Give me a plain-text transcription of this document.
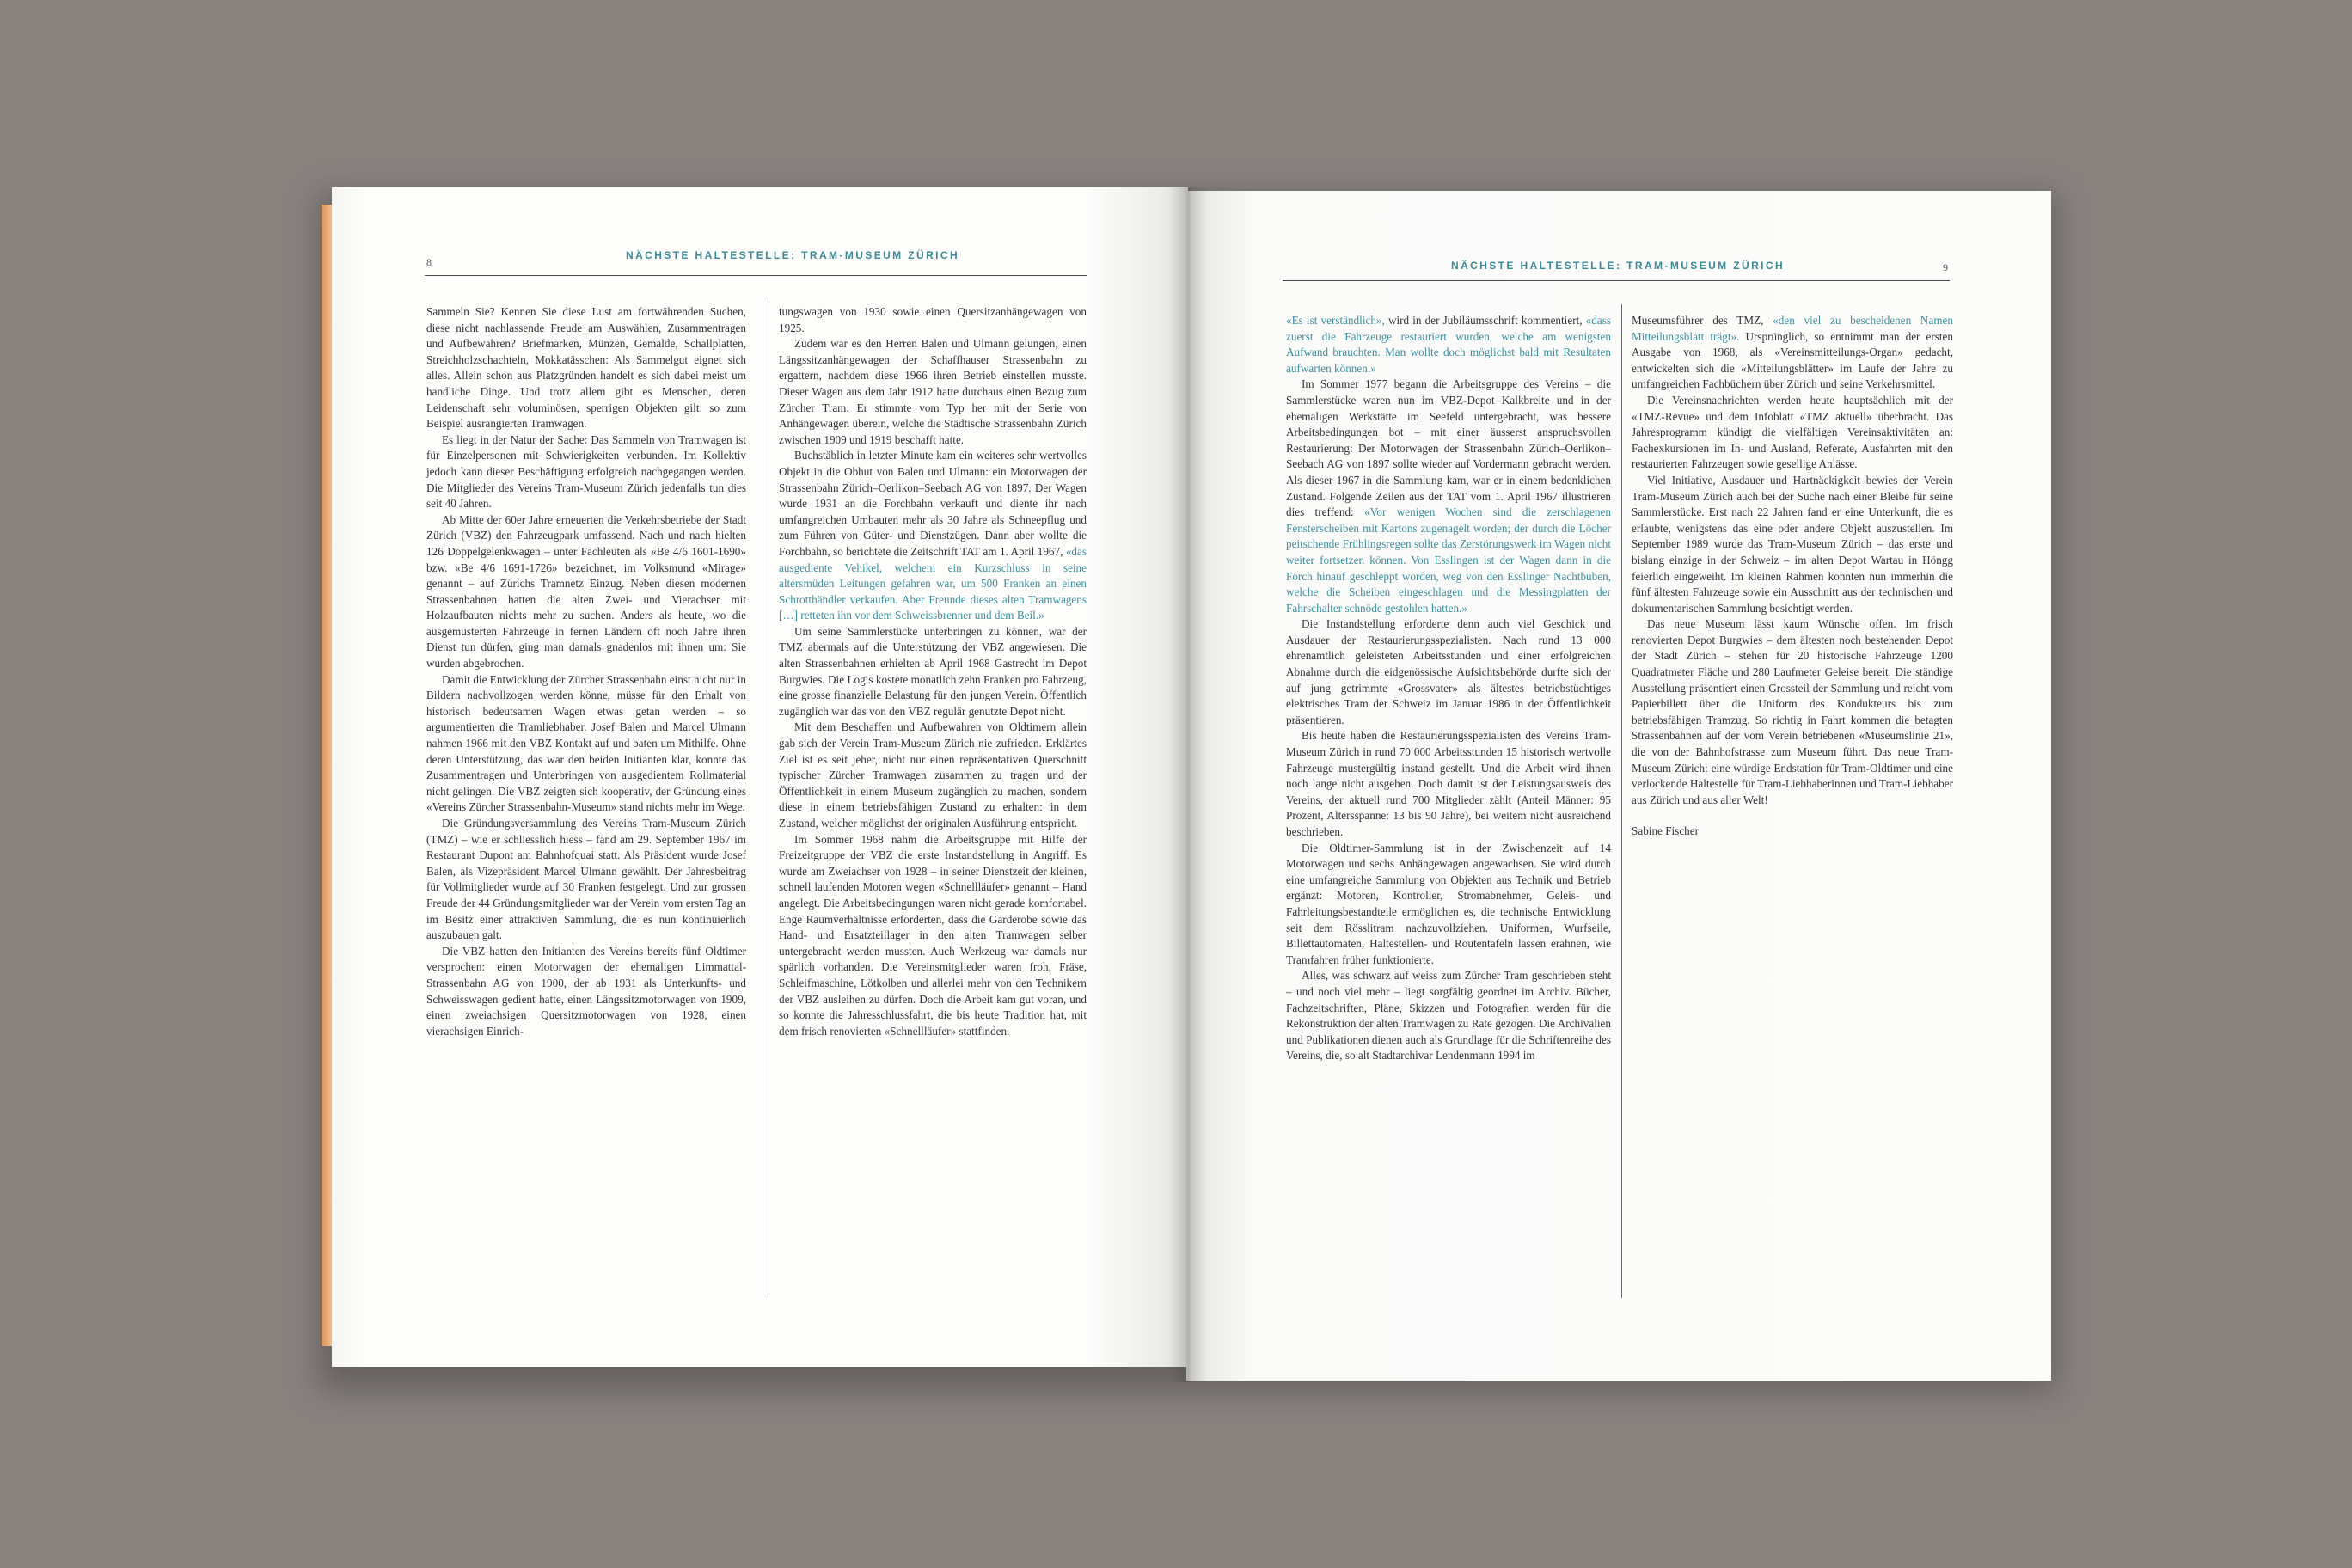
8
NÄCHSTE HALTESTELLE: TRAM-MUSEUM ZÜRICH

Sammeln Sie? Kennen Sie diese Lust am fortwährenden Suchen, diese nicht nachlassende Freude am Auswählen, Zusammentragen und Aufbewahren? Briefmarken, Münzen, Gemälde, Schallplatten, Streichholzschachteln, Mokkatässchen: Als Sammelgut eignet sich alles. Allein schon aus Platzgründen handelt es sich dabei meist um handliche Dinge. Und trotz allem gibt es Menschen, deren Leidenschaft sehr voluminösen, sperrigen Objekten gilt: so zum Beispiel ausrangierten Tramwagen.

Es liegt in der Natur der Sache: Das Sammeln von Tramwagen ist für Einzelpersonen mit Schwierigkeiten verbunden. Im Kollektiv jedoch kann dieser Beschäftigung erfolgreich nachgegangen werden. Die Mitglieder des Vereins Tram-Museum Zürich jedenfalls tun dies seit 40 Jahren.

Ab Mitte der 60er Jahre erneuerten die Verkehrsbetriebe der Stadt Zürich (VBZ) den Fahrzeugpark umfassend. Nach und nach hielten 126 Doppelgelenkwagen – unter Fachleuten als «Be 4/6 1601-1690» bzw. «Be 4/6 1691-1726» bezeichnet, im Volksmund «Mirage» genannt – auf Zürichs Tramnetz Einzug. Neben diesen modernen Strassenbahnen hatten die alten Zwei- und Vierachser mit Holzaufbauten nichts mehr zu suchen. Anders als heute, wo die ausgemusterten Fahrzeuge in fernen Ländern oft noch Jahre ihren Dienst tun dürfen, ging man damals gnadenlos mit ihnen um: Sie wurden abgebrochen.

Damit die Entwicklung der Zürcher Strassenbahn einst nicht nur in Bildern nachvollzogen werden könne, müsse für den Erhalt von historisch bedeutsamen Wagen etwas getan werden – so argumentierten die Tramliebhaber. Josef Balen und Marcel Ulmann nahmen 1966 mit den VBZ Kontakt auf und baten um Mithilfe. Ohne deren Unterstützung, das war den beiden Initianten klar, konnte das Zusammentragen und Unterbringen von ausgedientem Rollmaterial nicht gelingen. Die VBZ zeigten sich kooperativ, der Gründung eines «Vereins Zürcher Strassenbahn-Museum» stand nichts mehr im Wege.

Die Gründungsversammlung des Vereins Tram-Museum Zürich (TMZ) – wie er schliesslich hiess – fand am 29. September 1967 im Restaurant Dupont am Bahnhofquai statt. Als Präsident wurde Josef Balen, als Vizepräsident Marcel Ulmann gewählt. Der Jahresbeitrag für Vollmitglieder wurde auf 30 Franken festgelegt. Und zur grossen Freude der 44 Gründungsmitglieder war der Verein vom ersten Tag an im Besitz einer attraktiven Sammlung, die es nun kontinuierlich auszubauen galt.

Die VBZ hatten den Initianten des Vereins bereits fünf Oldtimer versprochen: einen Motorwagen der ehemaligen Limmattal-Strassenbahn AG von 1900, der ab 1931 als Unterkunfts- und Schweisswagen gedient hatte, einen Längssitzmotorwagen von 1909, einen zweiachsigen Quersitzmotorwagen von 1928, einen vierachsigen Einrich-

tungswagen von 1930 sowie einen Quersitzanhängewagen von 1925.

Zudem war es den Herren Balen und Ulmann gelungen, einen Längssitzanhängewagen der Schaffhauser Strassenbahn zu ergattern, nachdem diese 1966 ihren Betrieb einstellen musste. Dieser Wagen aus dem Jahr 1912 hatte durchaus einen Bezug zum Zürcher Tram. Er stimmte vom Typ her mit der Serie von Anhängewagen überein, welche die Städtische Strassenbahn Zürich zwischen 1909 und 1919 beschafft hatte.

Buchstäblich in letzter Minute kam ein weiteres sehr wertvolles Objekt in die Obhut von Balen und Ulmann: ein Motorwagen der Strassenbahn Zürich–Oerlikon–Seebach AG von 1897. Der Wagen wurde 1931 an die Forchbahn verkauft und diente ihr nach umfangreichen Umbauten mehr als 30 Jahre als Schneepflug und zum Führen von Güter- und Dienstzügen. Dann aber wollte die Forchbahn, so berichtete die Zeitschrift TAT am 1. April 1967, «das ausgediente Vehikel, welchem ein Kurzschluss in seine altersmüden Leitungen gefahren war, um 500 Franken an einen Schrotthändler verkaufen. Aber Freunde dieses alten Tramwagens […] retteten ihn vor dem Schweissbrenner und dem Beil.»

Um seine Sammlerstücke unterbringen zu können, war der TMZ abermals auf die Unterstützung der VBZ angewiesen. Die alten Strassenbahnen erhielten ab April 1968 Gastrecht im Depot Burgwies. Die Logis kostete monatlich zehn Franken pro Fahrzeug, eine grosse finanzielle Belastung für den jungen Verein. Öffentlich zugänglich war das von den VBZ regulär genutzte Depot nicht.

Mit dem Beschaffen und Aufbewahren von Oldtimern allein gab sich der Verein Tram-Museum Zürich nie zufrieden. Erklärtes Ziel ist es seit jeher, nicht nur einen repräsentativen Querschnitt typischer Zürcher Tramwagen zusammen zu tragen und der Öffentlichkeit in einem Museum zugänglich zu machen, sondern diese in einem betriebsfähigen Zustand zu erhalten: in dem Zustand, welcher möglichst der originalen Ausführung entspricht.

Im Sommer 1968 nahm die Arbeitsgruppe mit Hilfe der Freizeitgruppe der VBZ die erste Instandstellung in Angriff. Es wurde am Zweiachser von 1928 – in seiner Dienstzeit der kleinen, schnell laufenden Motoren wegen «Schnellläufer» genannt – Hand angelegt. Die Arbeitsbedingungen waren nicht gerade komfortabel. Enge Raumverhältnisse erforderten, dass die Garderobe sowie das Hand- und Ersatzteillager in den alten Tramwagen selber untergebracht werden mussten. Auch Werkzeug war damals nur spärlich vorhanden. Die Vereinsmitglieder waren froh, Fräse, Schleifmaschine, Lötkolben und allerlei mehr von den Technikern der VBZ ausleihen zu dürfen. Doch die Arbeit kam gut voran, und so konnte die Jahresschlussfahrt, die bis heute Tradition hat, mit dem frisch renovierten «Schnellläufer» stattfinden.

NÄCHSTE HALTESTELLE: TRAM-MUSEUM ZÜRICH	9

«Es ist verständlich», wird in der Jubiläumsschrift kommentiert, «dass zuerst die Fahrzeuge restauriert wurden, welche am wenigsten Aufwand brauchten. Man wollte doch möglichst bald mit Resultaten aufwarten können.»

Im Sommer 1977 begann die Arbeitsgruppe des Vereins – die Sammlerstücke waren nun im VBZ-Depot Kalkbreite und in der ehemaligen Werkstätte im Seefeld untergebracht, was bessere Arbeitsbedingungen bot – mit einer äusserst anspruchsvollen Restaurierung: Der Motorwagen der Strassenbahn Zürich–Oerlikon–Seebach AG von 1897 sollte wieder auf Vordermann gebracht werden. Als dieser 1967 in die Sammlung kam, war er in einem bedenklichen Zustand. Folgende Zeilen aus der TAT vom 1. April 1967 illustrieren dies treffend: «Vor wenigen Wochen sind die zerschlagenen Fensterscheiben mit Kartons zugenagelt worden; der durch die Löcher peitschende Frühlingsregen sollte das Zerstörungswerk im Wagen nicht weiter fortsetzen können. Von Esslingen ist der Wagen dann in die Forch hinauf geschleppt worden, weg von den Esslinger Nachtbuben, welche die Scheiben eingeschlagen und die Messingplatten der Fahrschalter schnöde gestohlen hatten.»

Die Instandstellung erforderte denn auch viel Geschick und Ausdauer der Restaurierungsspezialisten. Nach rund 13 000 ehrenamtlich geleisteten Arbeitsstunden und einer erfolgreichen Abnahme durch die eidgenössische Aufsichtsbehörde durfte sich der auf jung getrimmte «Grossvater» als ältestes betriebstüchtiges elektrisches Tram der Schweiz im Januar 1986 in der Öffentlichkeit präsentieren.

Bis heute haben die Restaurierungsspezialisten des Vereins Tram-Museum Zürich in rund 70 000 Arbeitsstunden 15 historisch wertvolle Fahrzeuge mustergültig instand gestellt. Und die Arbeit wird ihnen noch lange nicht ausgehen. Doch damit ist der Leistungsausweis des Vereins, der aktuell rund 700 Mitglieder zählt (Anteil Männer: 95 Prozent, Altersspanne: 13 bis 90 Jahre), bei weitem nicht ausreichend beschrieben.

Die Oldtimer-Sammlung ist in der Zwischenzeit auf 14 Motorwagen und sechs Anhängewagen angewachsen. Sie wird durch eine umfangreiche Sammlung von Objekten aus Technik und Betrieb ergänzt: Motoren, Kontroller, Stromabnehmer, Geleis- und Fahrleitungsbestandteile ermöglichen es, die technische Entwicklung seit dem Rösslitram nachzuvollziehen. Uniformen, Wurfseile, Billettautomaten, Haltestellen- und Routentafeln lassen erahnen, wie Tramfahren früher funktionierte.

Alles, was schwarz auf weiss zum Zürcher Tram geschrieben steht – und noch viel mehr – liegt sorgfältig geordnet im Archiv. Bücher, Fachzeitschriften, Pläne, Skizzen und Fotografien werden für die Rekonstruktion der alten Tramwagen zu Rate gezogen. Die Archivalien und Publikationen dienen auch als Grundlage für die Schriftenreihe des Vereins, die, so alt Stadtarchivar Lendenmann 1994 im

Museumsführer des TMZ, «den viel zu bescheidenen Namen Mitteilungsblatt trägt». Ursprünglich, so entnimmt man der ersten Ausgabe von 1968, als «Vereinsmitteilungs-Organ» gedacht, entwickelten sich die «Mitteilungsblätter» im Laufe der Jahre zu umfangreichen Fachbüchern über Zürich und seine Verkehrsmittel.

Die Vereinsnachrichten werden heute hauptsächlich mit der «TMZ-Revue» und dem Infoblatt «TMZ aktuell» überbracht. Das Jahresprogramm kündigt die vielfältigen Vereinsaktivitäten an: Fachexkursionen im In- und Ausland, Referate, Ausfahrten mit den restaurierten Fahrzeugen sowie gesellige Anlässe.

Viel Initiative, Ausdauer und Hartnäckigkeit bewies der Verein Tram-Museum Zürich auch bei der Suche nach einer Bleibe für seine Sammlerstücke. Erst nach 22 Jahren fand er eine Unterkunft, die es erlaubte, wenigstens das eine oder andere Objekt auszustellen. Im September 1989 wurde das Tram-Museum Zürich – das erste und bislang einzige in der Schweiz – im alten Depot Wartau in Höngg feierlich eingeweiht. Im kleinen Rahmen konnten nun immerhin die fünf ältesten Fahrzeuge sowie ein Ausschnitt aus der technischen und dokumentarischen Sammlung besichtigt werden.

Das neue Museum lässt kaum Wünsche offen. Im frisch renovierten Depot Burgwies – dem ältesten noch bestehenden Depot der Stadt Zürich – stehen für 20 historische Fahrzeuge 1200 Quadratmeter Fläche und 280 Laufmeter Geleise bereit. Die ständige Ausstellung präsentiert einen Grossteil der Sammlung und reicht vom Papierbillett über die Uniform des Kondukteurs bis zum betriebsfähigen Tramzug. So richtig in Fahrt kommen die betagten Strassenbahnen auf der vom Verein betriebenen «Museumslinie 21», die von der Bahnhofstrasse zum Museum führt. Das neue Tram-Museum Zürich: eine würdige Endstation für Tram-Oldtimer und eine verlockende Haltestelle für Tram-Liebhaberinnen und Tram-Liebhaber aus Zürich und aus aller Welt!

Sabine Fischer
